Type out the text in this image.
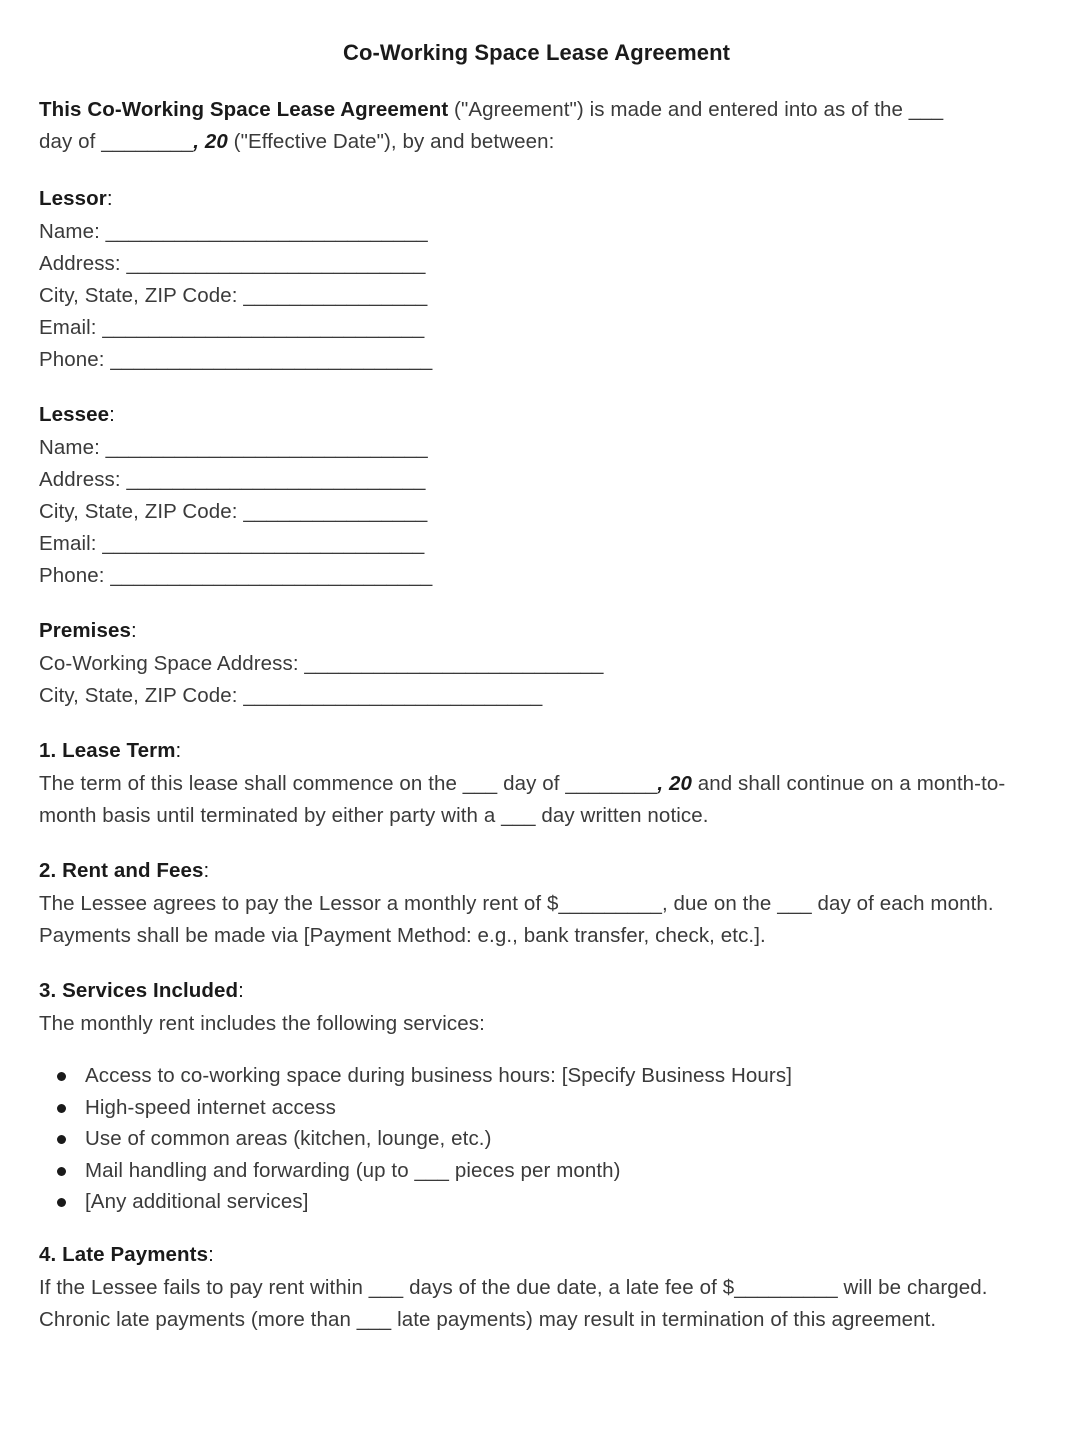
Co-Working Space Lease Agreement

This Co-Working Space Lease Agreement ("Agreement") is made and entered into as of the ___
day of ________, 20 ("Effective Date"), by and between:

Lessor:
Name: ____________________________
Address: __________________________
City, State, ZIP Code: ________________
Email: ____________________________
Phone: ____________________________
Lessee:
Name: ____________________________
Address: __________________________
City, State, ZIP Code: ________________
Email: ____________________________
Phone: ____________________________
Premises:
Co-Working Space Address: __________________________
City, State, ZIP Code: __________________________
1. Lease Term:

The term of this lease shall commence on the ___ day of ________, 20 and shall continue on a month-to-month basis until terminated by either party with a ___ day written notice.

2. Rent and Fees:

The Lessee agrees to pay the Lessor a monthly rent of $_________, due on the ___ day of each month. Payments shall be made via [Payment Method: e.g., bank transfer, check, etc.].

3. Services Included:

The monthly rent includes the following services:

Access to co-working space during business hours: [Specify Business Hours]
High-speed internet access
Use of common areas (kitchen, lounge, etc.)
Mail handling and forwarding (up to ___ pieces per month)
[Any additional services]
4. Late Payments:

If the Lessee fails to pay rent within ___ days of the due date, a late fee of $_________ will be charged. Chronic late payments (more than ___ late payments) may result in termination of this agreement.
